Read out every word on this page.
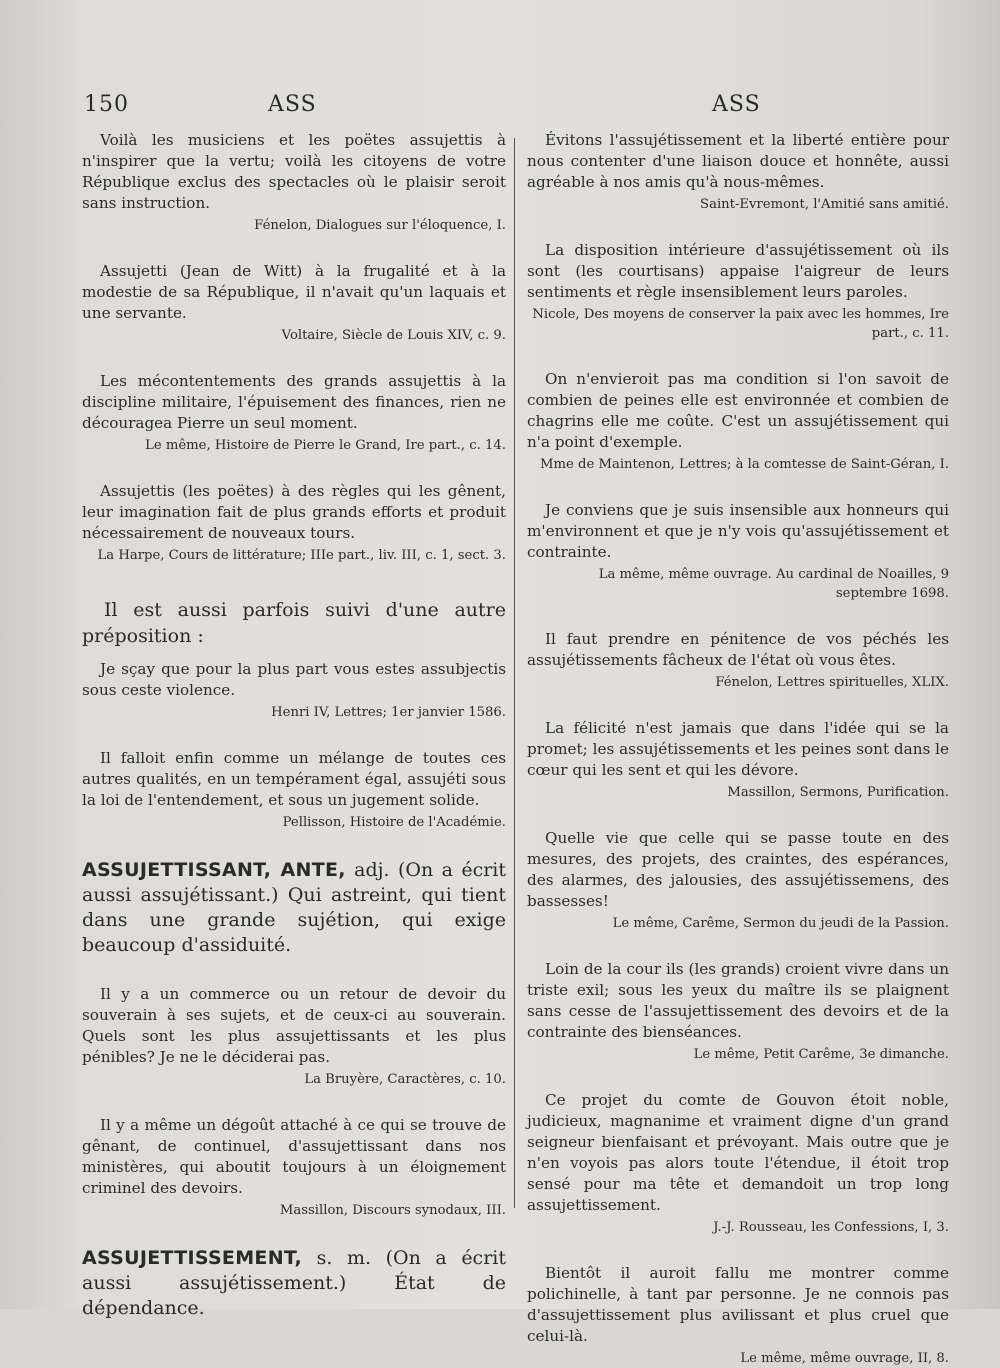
150	ASS	ASS

Voilà les musiciens et les poëtes assujettis à n'inspirer que la vertu; voilà les citoyens de votre République exclus des spectacles où le plaisir seroit sans instruction.

Fénelon, Dialogues sur l'éloquence, I.

Assujetti (Jean de Witt) à la frugalité et à la modestie de sa République, il n'avait qu'un laquais et une servante.

Voltaire, Siècle de Louis XIV, c. 9.

Les mécontentements des grands assujettis à la discipline militaire, l'épuisement des finances, rien ne découragea Pierre un seul moment.

Le même, Histoire de Pierre le Grand, Ire part., c. 14.

Assujettis (les poëtes) à des règles qui les gênent, leur imagination fait de plus grands efforts et produit nécessairement de nouveaux tours.

La Harpe, Cours de littérature; IIIe part., liv. III, c. 1, sect. 3.

Il est aussi parfois suivi d'une autre préposition :

Je sçay que pour la plus part vous estes assubjectis sous ceste violence.

Henri IV, Lettres; 1er janvier 1586.

Il falloit enfin comme un mélange de toutes ces autres qualités, en un tempérament égal, assujéti sous la loi de l'entendement, et sous un jugement solide.

Pellisson, Histoire de l'Académie.

ASSUJETTISSANT, ANTE, adj. (On a écrit aussi assujétissant.) Qui astreint, qui tient dans une grande sujétion, qui exige beaucoup d'assiduité.

Il y a un commerce ou un retour de devoir du souverain à ses sujets, et de ceux-ci au souverain. Quels sont les plus assujettissants et les plus pénibles? Je ne le déciderai pas.

La Bruyère, Caractères, c. 10.

Il y a même un dégoût attaché à ce qui se trouve de gênant, de continuel, d'assujettissant dans nos ministères, qui aboutit toujours à un éloignement criminel des devoirs.

Massillon, Discours synodaux, III.

ASSUJETTISSEMENT, s. m. (On a écrit aussi assujétissement.) État de dépendance.

Évitons l'assujétissement et la liberté entière pour nous contenter d'une liaison douce et honnête, aussi agréable à nos amis qu'à nous-mêmes.

Saint-Evremont, l'Amitié sans amitié.

La disposition intérieure d'assujétissement où ils sont (les courtisans) appaise l'aigreur de leurs sentiments et règle insensiblement leurs paroles.

Nicole, Des moyens de conserver la paix avec les hommes, Ire part., c. 11.

On n'envieroit pas ma condition si l'on savoit de combien de peines elle est environnée et combien de chagrins elle me coûte. C'est un assujétissement qui n'a point d'exemple.

Mme de Maintenon, Lettres; à la comtesse de Saint-Géran, I.

Je conviens que je suis insensible aux honneurs qui m'environnent et que je n'y vois qu'assujétissement et contrainte.

La même, même ouvrage. Au cardinal de Noailles, 9 septembre 1698.

Il faut prendre en pénitence de vos péchés les assujétissements fâcheux de l'état où vous êtes.

Fénelon, Lettres spirituelles, XLIX.

La félicité n'est jamais que dans l'idée qui se la promet; les assujétissements et les peines sont dans le cœur qui les sent et qui les dévore.

Massillon, Sermons, Purification.

Quelle vie que celle qui se passe toute en des mesures, des projets, des craintes, des espérances, des alarmes, des jalousies, des assujétissemens, des bassesses!

Le même, Carême, Sermon du jeudi de la Passion.

Loin de la cour ils (les grands) croient vivre dans un triste exil; sous les yeux du maître ils se plaignent sans cesse de l'assujettissement des devoirs et de la contrainte des bienséances.

Le même, Petit Carême, 3e dimanche.

Ce projet du comte de Gouvon étoit noble, judicieux, magnanime et vraiment digne d'un grand seigneur bienfaisant et prévoyant. Mais outre que je n'en voyois pas alors toute l'étendue, il étoit trop sensé pour ma tête et demandoit un trop long assujettissement.

J.-J. Rousseau, les Confessions, I, 3.

Bientôt il auroit fallu me montrer comme polichinelle, à tant par personne. Je ne connois pas d'assujettissement plus avilissant et plus cruel que celui-là.

Le même, même ouvrage, II, 8.
